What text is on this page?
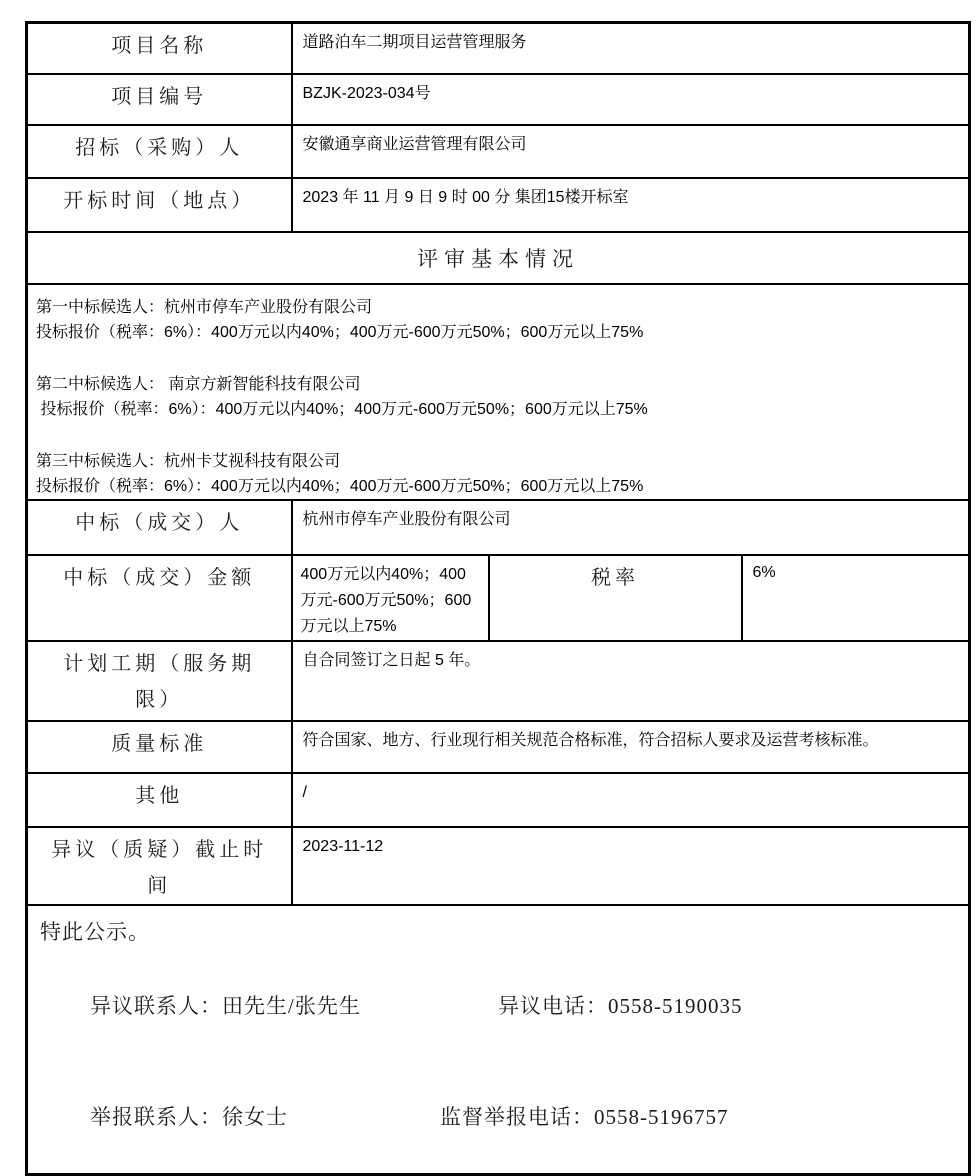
项目名称	道路泊车二期项目运营管理服务		
项目编号	BZJK-2023-034号		
招标（采购）人	安徽通享商业运营管理有限公司		
开标时间（地点）	2023 年 11 月 9 日 9 时 00 分 集团15楼开标室		
评审基本情况			

第一中标候选人：杭州市停车产业股份有限公司
投标报价（税率：6%）：400万元以内40%；400万元-600万元50%；600万元以上75%
第二中标候选人： 南京方新智能科技有限公司
投标报价（税率：6%）：400万元以内40%；400万元-600万元50%；600万元以上75%
第三中标候选人：杭州卡艾视科技有限公司
投标报价（税率：6%）：400万元以内40%；400万元-600万元50%；600万元以上75%

中标（成交）人	杭州市停车产业股份有限公司		
中标（成交）金额	400万元以内40%；400万元-600万元50%；600万元以上75%	税率	6%
计划工期（服务期限）	自合同签订之日起 5 年。		
质量标准	符合国家、地方、行业现行相关规范合格标准，符合招标人要求及运营考核标准。		
其他	/		
异议（质疑）截止时间	2023-11-12		

特此公示。

异议联系人：田先生/张先生 异议电话：0558-5190035

举报联系人：徐女士 监督举报电话：0558-5196757			
